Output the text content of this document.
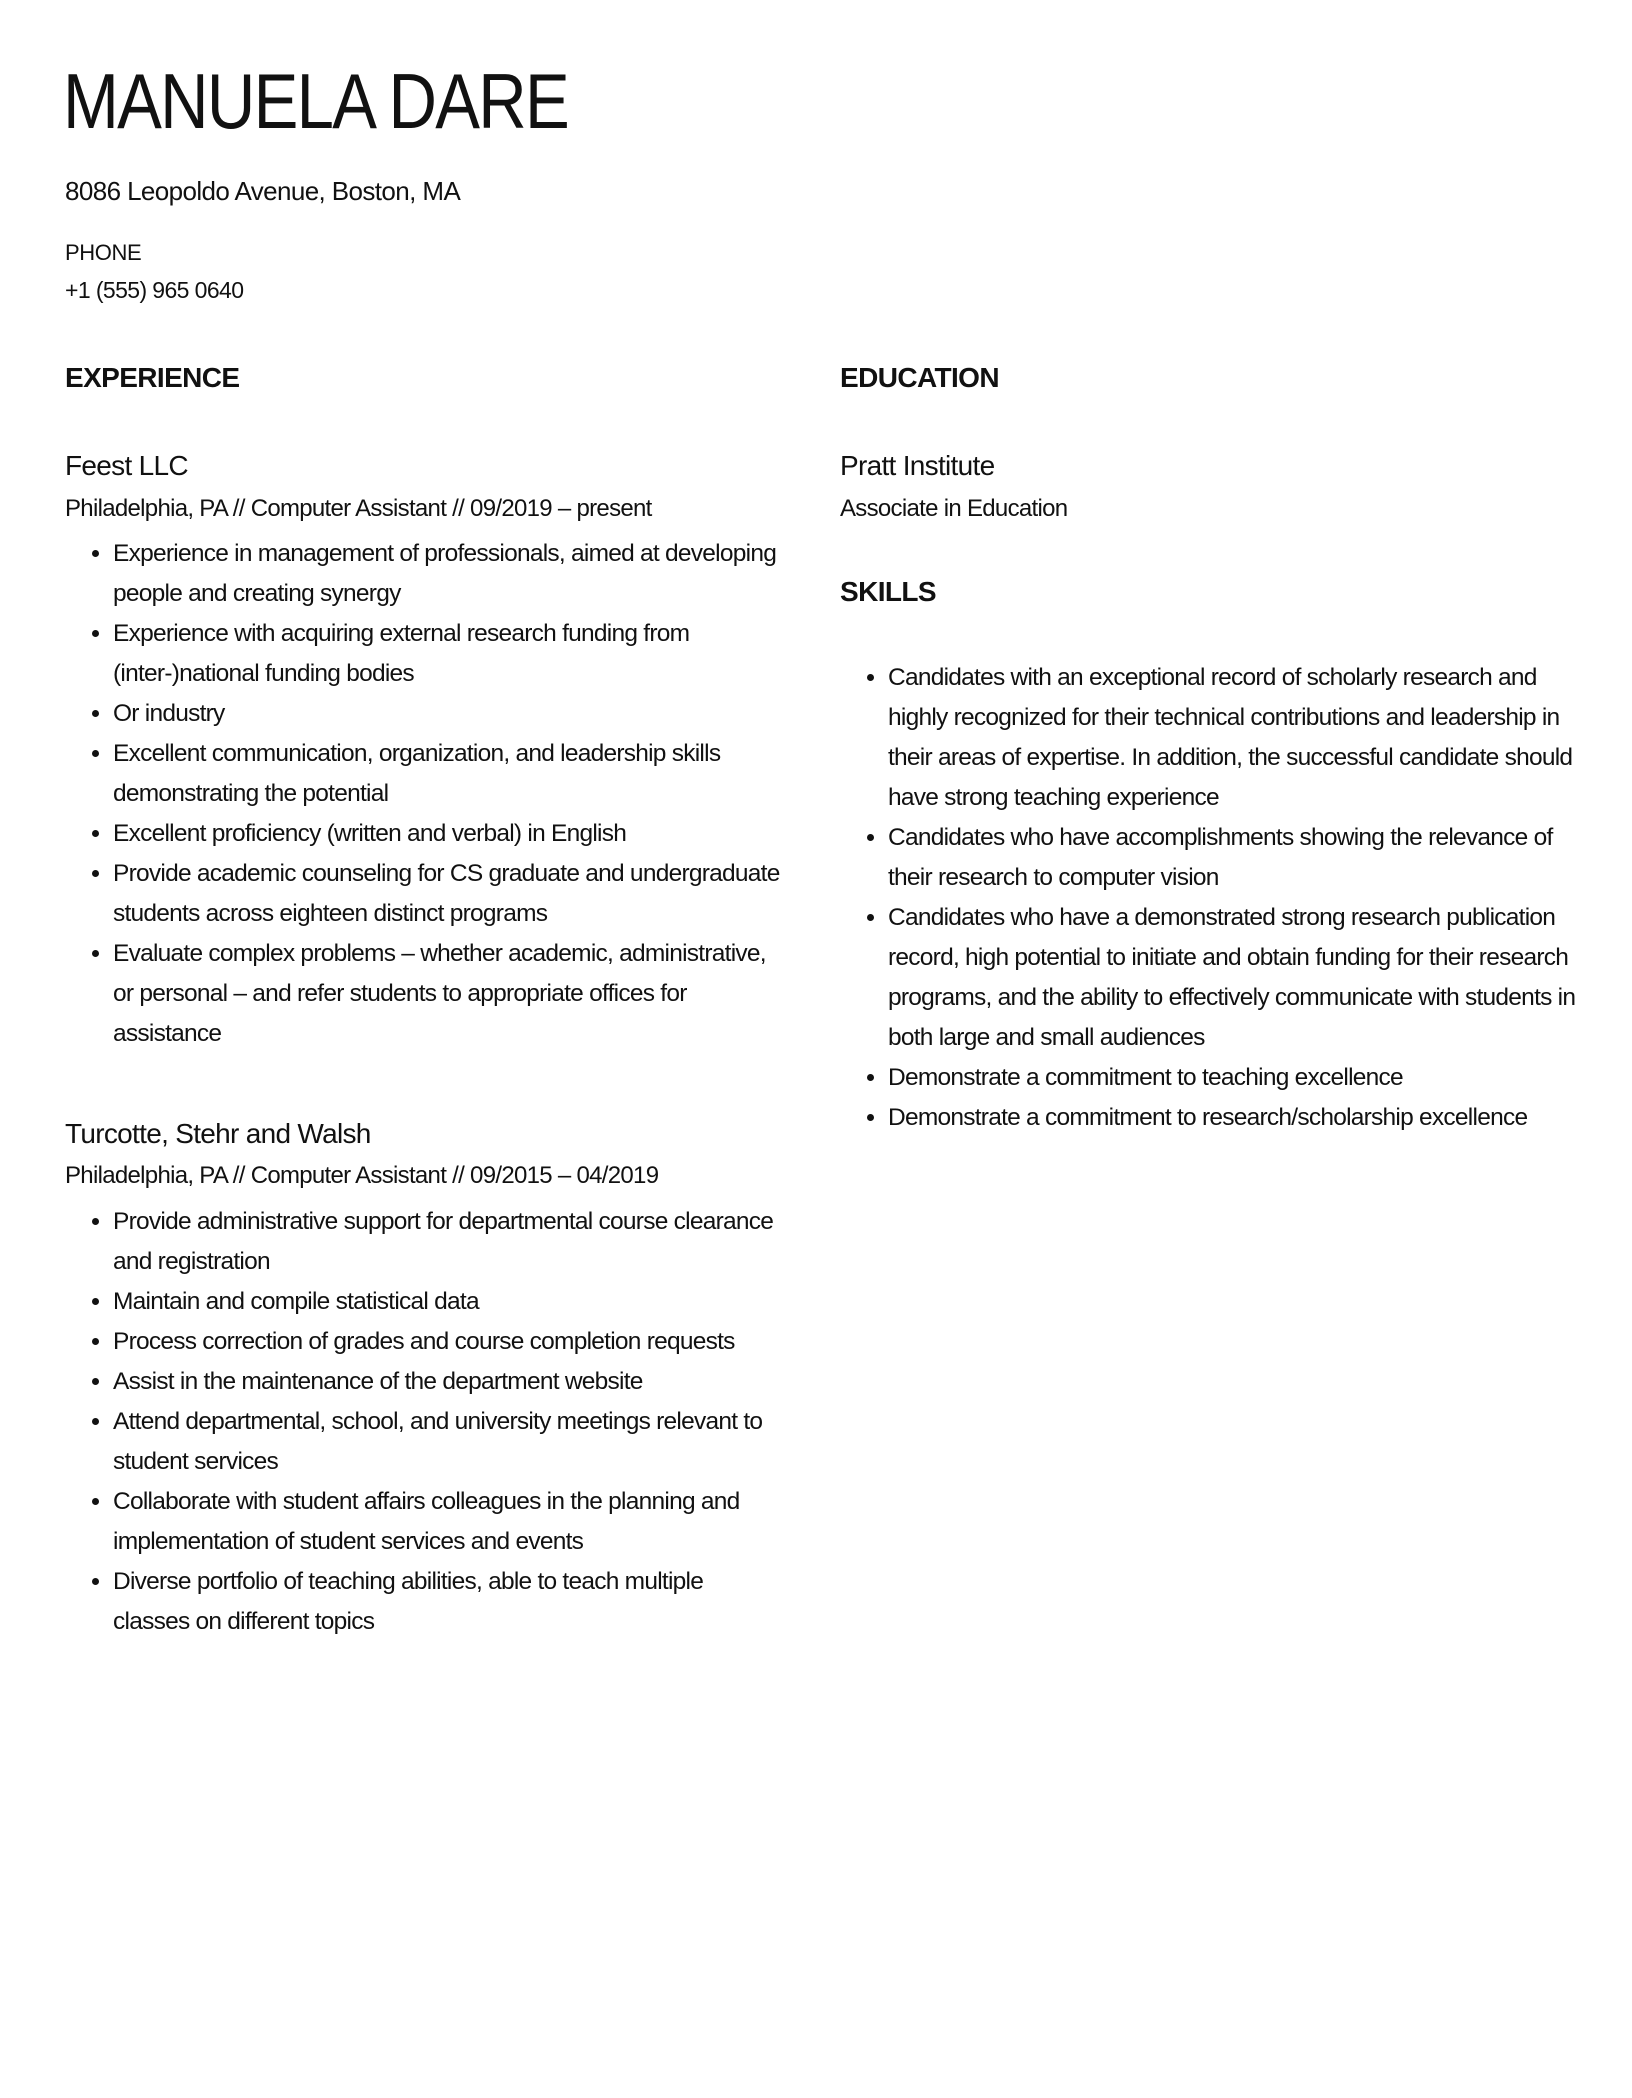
MANUELA DARE
8086 Leopoldo Avenue, Boston, MA
PHONE
+1 (555) 965 0640
EXPERIENCE
Feest LLC
Philadelphia, PA // Computer Assistant // 09/2019 – present
• Experience in management of professionals, aimed at developing people and creating synergy
• Experience with acquiring external research funding from (inter-)national funding bodies
• Or industry
• Excellent communication, organization, and leadership skills demonstrating the potential
• Excellent proficiency (written and verbal) in English
• Provide academic counseling for CS graduate and undergraduate students across eighteen distinct programs
• Evaluate complex problems – whether academic, administrative, or personal – and refer students to appropriate offices for assistance
Turcotte, Stehr and Walsh
Philadelphia, PA // Computer Assistant // 09/2015 – 04/2019
• Provide administrative support for departmental course clearance and registration
• Maintain and compile statistical data
• Process correction of grades and course completion requests
• Assist in the maintenance of the department website
• Attend departmental, school, and university meetings relevant to student services
• Collaborate with student affairs colleagues in the planning and implementation of student services and events
• Diverse portfolio of teaching abilities, able to teach multiple classes on different topics
EDUCATION
Pratt Institute
Associate in Education
SKILLS
• Candidates with an exceptional record of scholarly research and highly recognized for their technical contributions and leadership in their areas of expertise. In addition, the successful candidate should have strong teaching experience
• Candidates who have accomplishments showing the relevance of their research to computer vision
• Candidates who have a demonstrated strong research publication record, high potential to initiate and obtain funding for their research programs, and the ability to effectively communicate with students in both large and small audiences
• Demonstrate a commitment to teaching excellence
• Demonstrate a commitment to research/scholarship excellence
